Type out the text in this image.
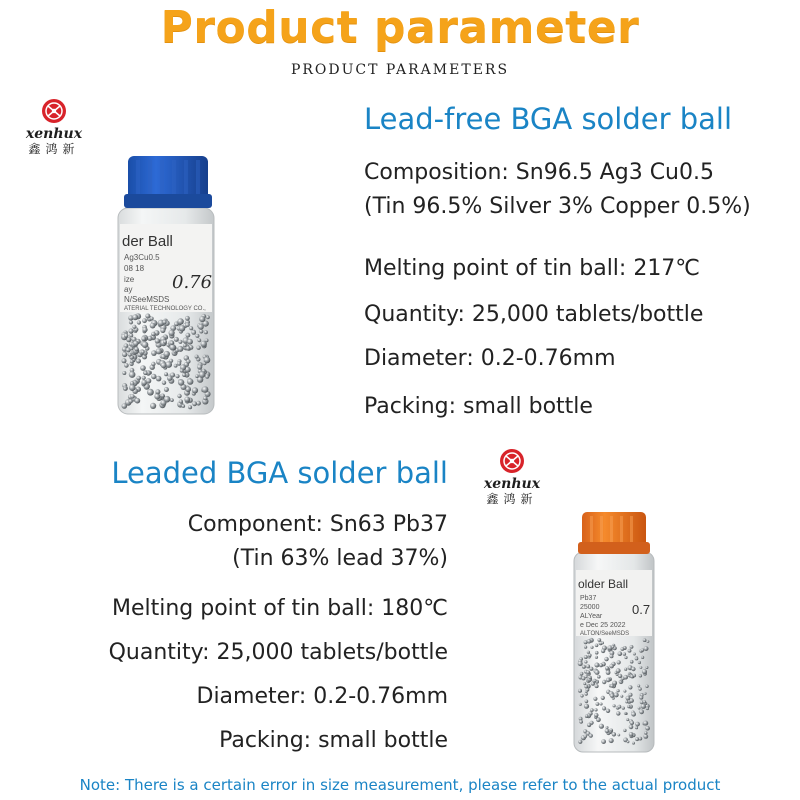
Product parameter
PRODUCT PARAMETERS
xenhux
鑫鸿新
der Ball
Ag3Cu0.5
08 18
ize
ay
N/SeeMSDS
ATERIAL TECHNOLOGY CO.,
0.76
Lead-free BGA solder ball
Composition: Sn96.5 Ag3 Cu0.5
(Tin 96.5% Silver 3% Copper 0.5%)
Melting point of tin ball: 217℃
Quantity: 25,000 tablets/bottle
Diameter: 0.2-0.76mm
Packing: small bottle
Leaded BGA solder ball
Component: Sn63 Pb37
(Tin 63% lead 37%)
Melting point of tin ball: 180℃
Quantity: 25,000 tablets/bottle
Diameter: 0.2-0.76mm
Packing: small bottle
xenhux
鑫鸿新
older Ball
Pb37
25000
ALYear
e Dec 25 2022
ALTON/SeeMSDS
0.7
Note: There is a certain error in size measurement, please refer to the actual product
